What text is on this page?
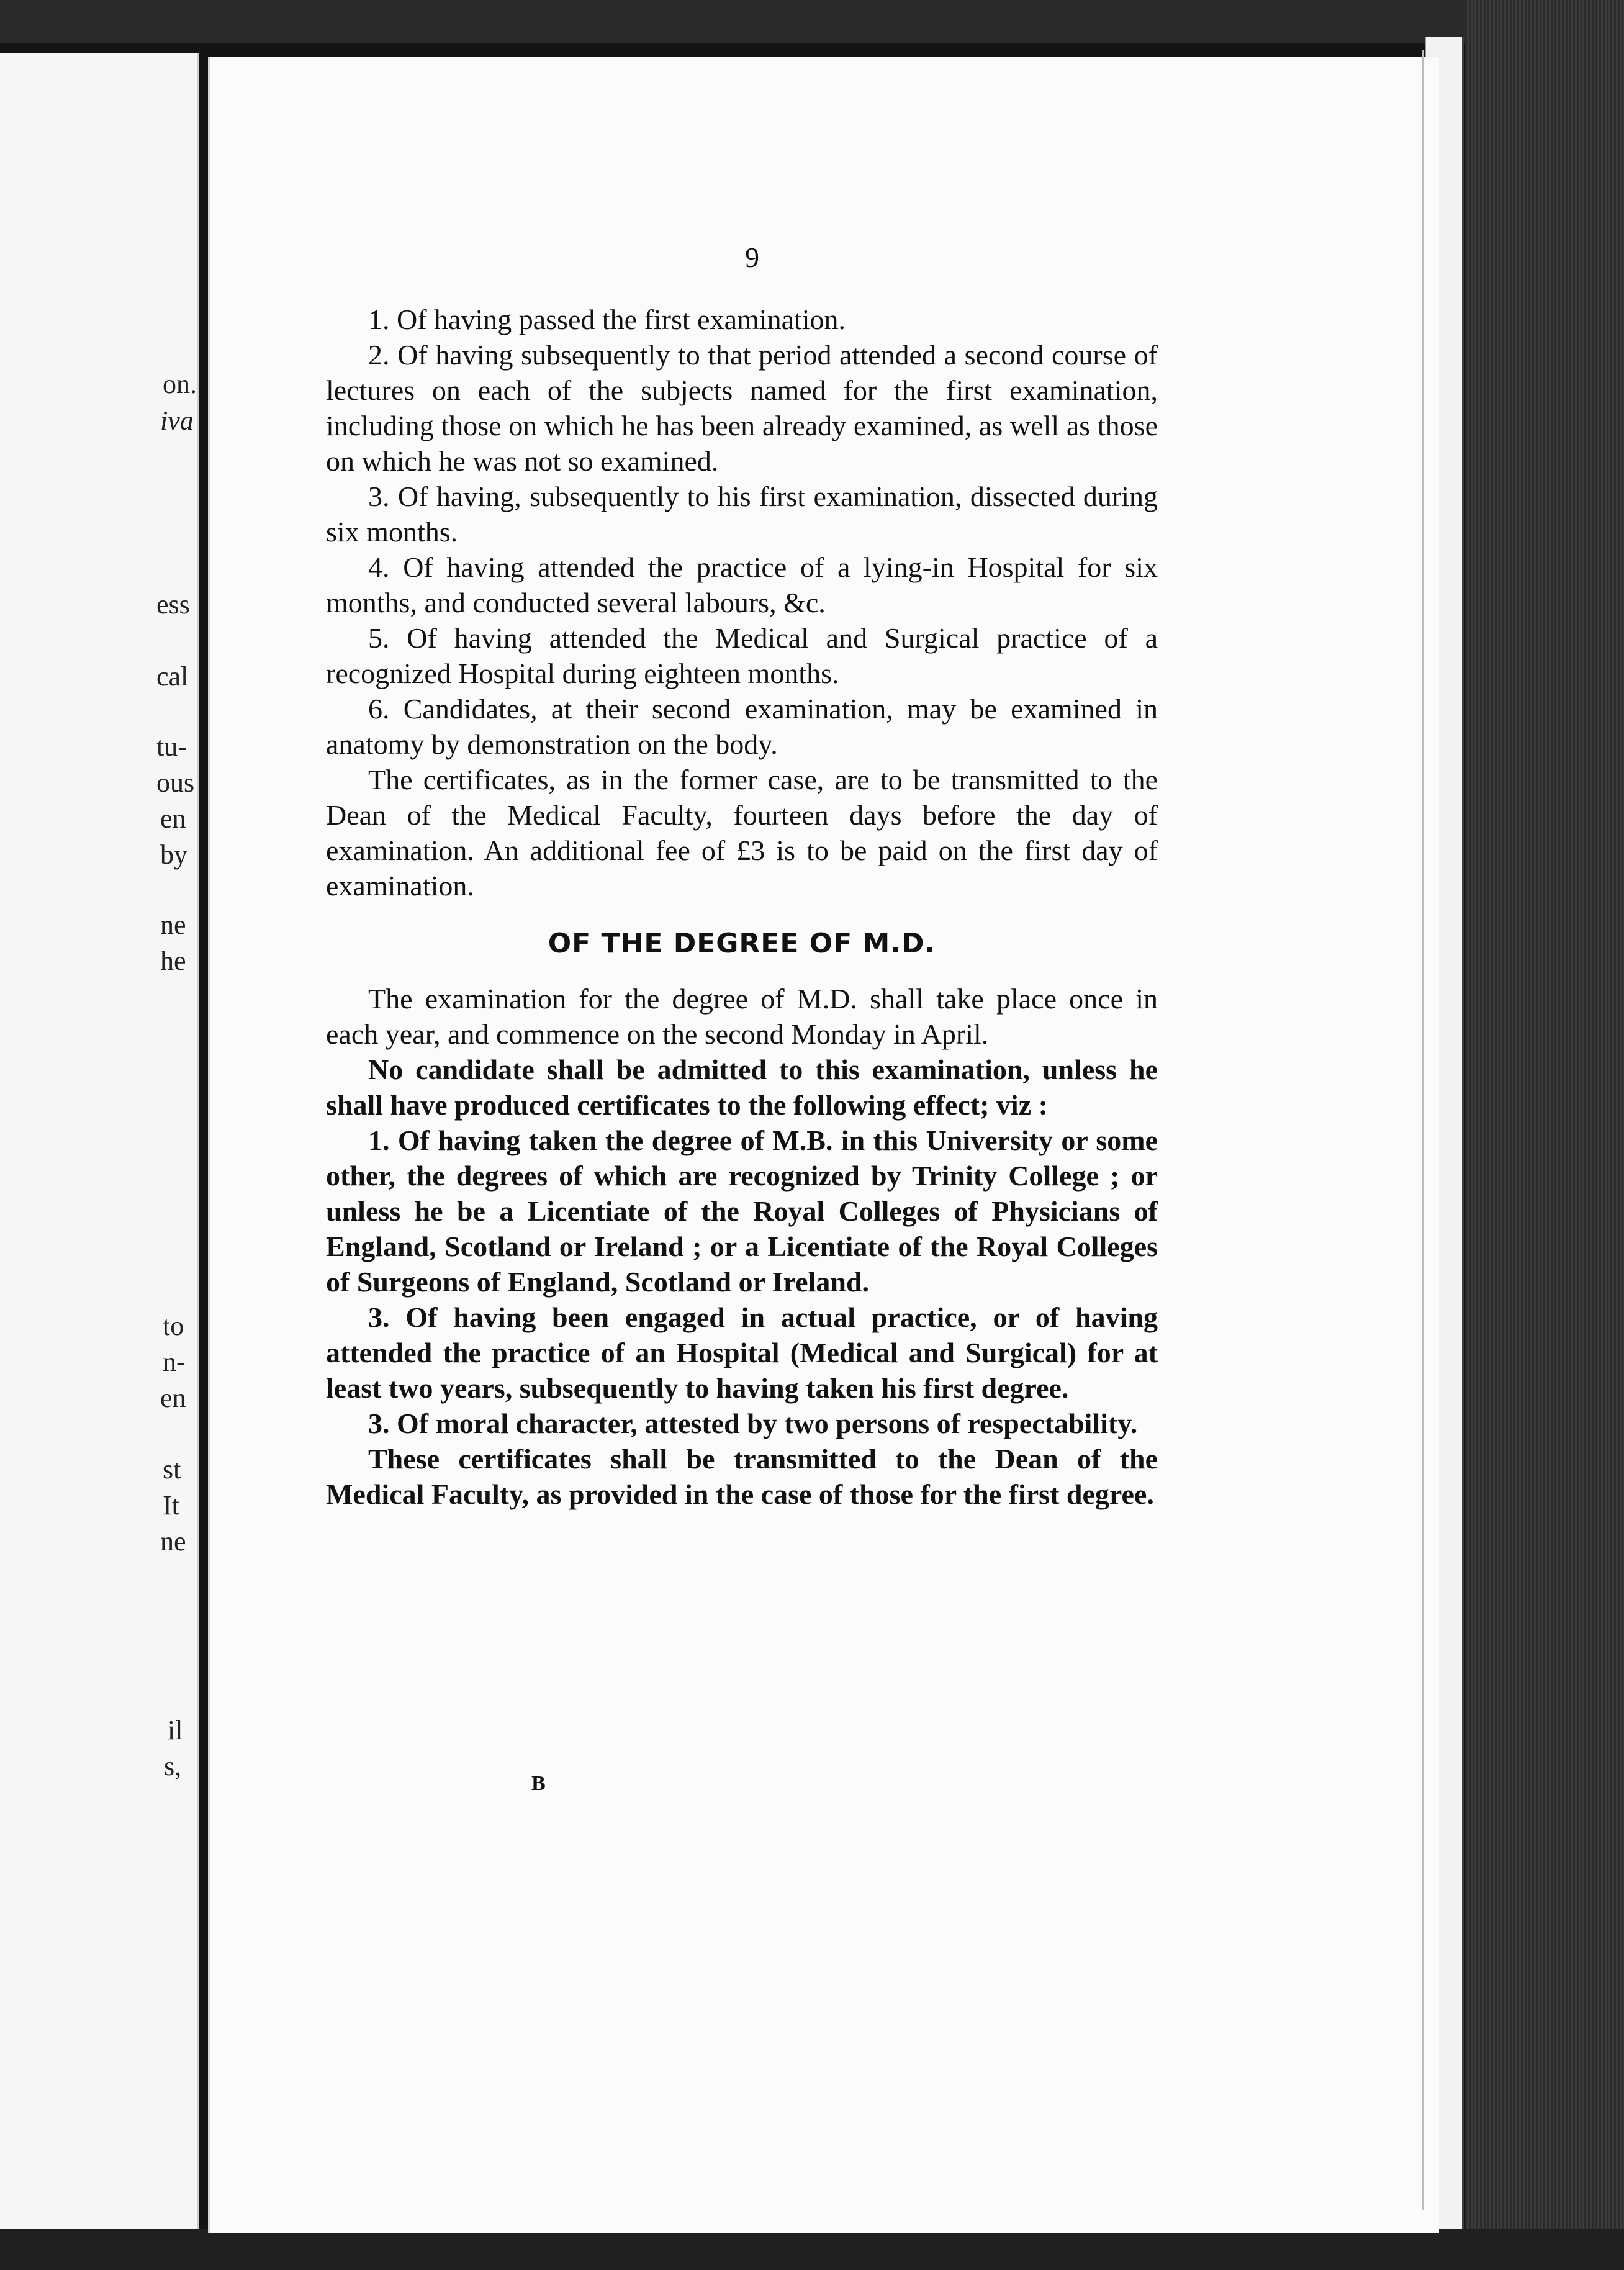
on.
iva
ess
cal
tu-
ous
en
by
ne
he
to
n-
en
st
It
ne
il
s,
9

1. Of having passed the first examination.

2. Of having subsequently to that period attended a second course of lectures on each of the subjects named for the first examination, including those on which he has been already examined, as well as those on which he was not so examined.

3. Of having, subsequently to his first examination, dissected during six months.

4. Of having attended the practice of a lying-in Hospital for six months, and conducted several labours, &c.

5. Of having attended the Medical and Surgical practice of a recognized Hospital during eighteen months.

6. Candidates, at their second examination, may be examined in anatomy by demonstration on the body.

The certificates, as in the former case, are to be transmitted to the Dean of the Medical Faculty, fourteen days before the day of examination. An additional fee of £3 is to be paid on the first day of examination.

OF THE DEGREE OF M.D.

The examination for the degree of M.D. shall take place once in each year, and commence on the second Monday in April.

No candidate shall be admitted to this examination, unless he shall have produced certificates to the following effect; viz :

1. Of having taken the degree of M.B. in this University or some other, the degrees of which are recognized by Trinity College ; or unless he be a Licentiate of the Royal Colleges of Physicians of England, Scotland or Ireland ; or a Licentiate of the Royal Colleges of Surgeons of England, Scotland or Ireland.

3. Of having been engaged in actual practice, or of having attended the practice of an Hospital (Medical and Surgical) for at least two years, subsequently to having taken his first degree.

3. Of moral character, attested by two persons of respectability.

These certificates shall be transmitted to the Dean of the Medical Faculty, as provided in the case of those for the first degree.

B
